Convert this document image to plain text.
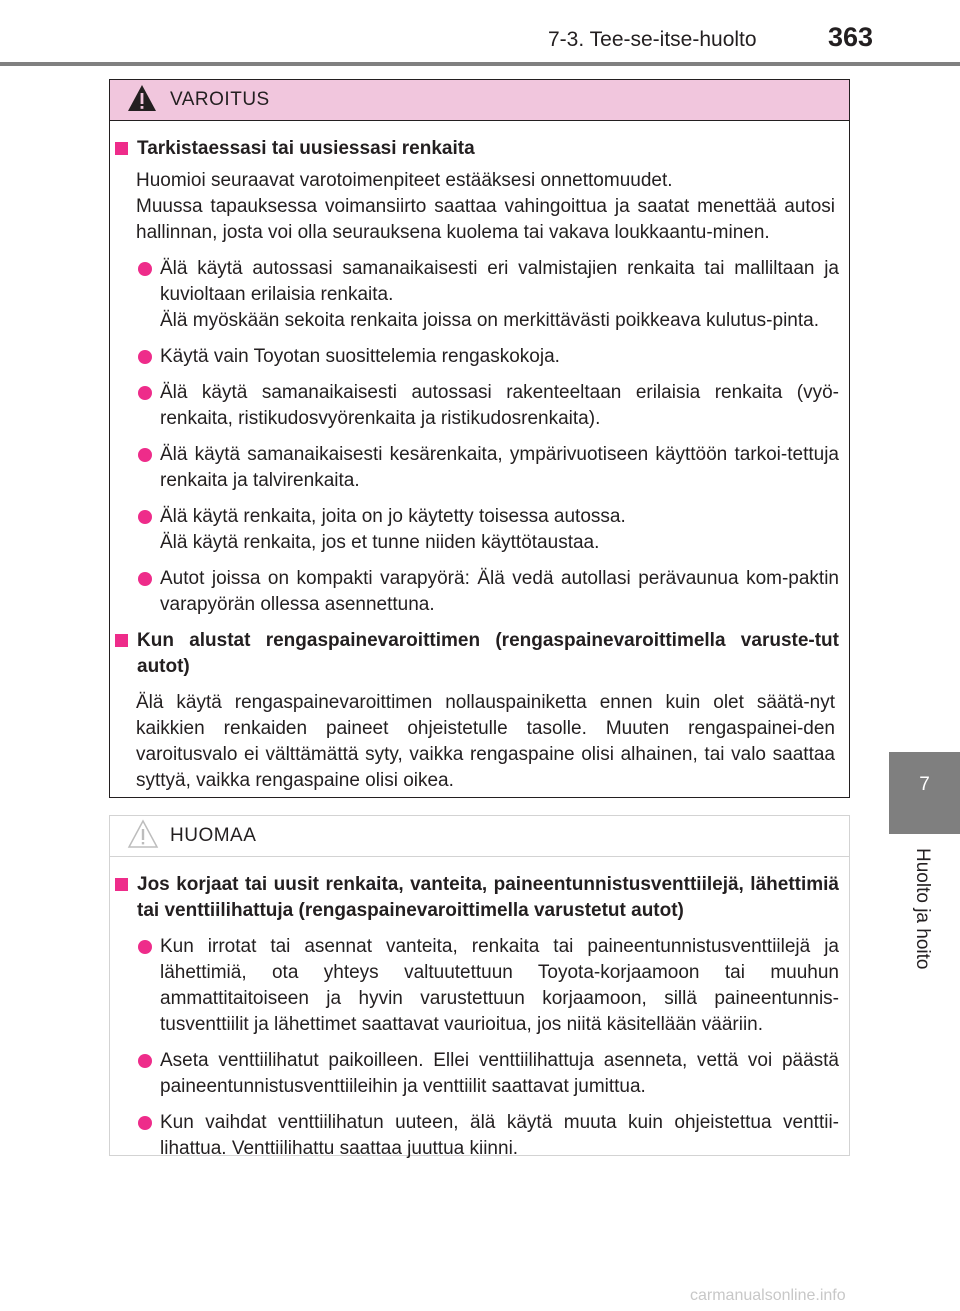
7-3. Tee-se-itse-huolto	363
7
Huolto ja hoito
VAROITUS
Tarkistaessasi tai uusiessasi renkaita

Huomioi seuraavat varotoimenpiteet estääksesi onnettomuudet.

Muussa tapauksessa voimansiirto saattaa vahingoittua ja saatat menettää autosi hallinnan, josta voi olla seurauksena kuolema tai vakava loukkaantu-minen.

Älä käytä autossasi samanaikaisesti eri valmistajien renkaita tai malliltaan ja kuvioltaan erilaisia renkaita.

Älä myöskään sekoita renkaita joissa on merkittävästi poikkeava kulutus-pinta.

Käytä vain Toyotan suosittelemia rengaskokoja.

Älä käytä samanaikaisesti autossasi rakenteeltaan erilaisia renkaita (vyö-renkaita, ristikudosvyörenkaita ja ristikudosrenkaita).

Älä käytä samanaikaisesti kesärenkaita, ympärivuotiseen käyttöön tarkoi-tettuja renkaita ja talvirenkaita.

Älä käytä renkaita, joita on jo käytetty toisessa autossa.

Älä käytä renkaita, jos et tunne niiden käyttötaustaa.

Autot joissa on kompakti varapyörä: Älä vedä autollasi perävaunua kom-paktin varapyörän ollessa asennettuna.

Kun alustat rengaspainevaroittimen (rengaspainevaroittimella varuste-tut autot)

Älä käytä rengaspainevaroittimen nollauspainiketta ennen kuin olet säätä-nyt kaikkien renkaiden paineet ohjeistetulle tasolle. Muuten rengaspainei-den varoitusvalo ei välttämättä syty, vaikka rengaspaine olisi alhainen, tai valo saattaa syttyä, vaikka rengaspaine olisi oikea.

HUOMAA
Jos korjaat tai uusit renkaita, vanteita, paineentunnistusventtiilejä, lähettimiä tai venttiilihattuja (rengaspainevaroittimella varustetut autot)

Kun irrotat tai asennat vanteita, renkaita tai paineentunnistusventtiilejä ja lähettimiä, ota yhteys valtuutettuun Toyota-korjaamoon tai muuhun ammattitaitoiseen ja hyvin varustettuun korjaamoon, sillä paineentunnis-tusventtiilit ja lähettimet saattavat vaurioitua, jos niitä käsitellään vääriin.

Aseta venttiilihatut paikoilleen. Ellei venttiilihattuja asenneta, vettä voi päästä paineentunnistusventtiileihin ja venttiilit saattavat jumittua.

Kun vaihdat venttiilihatun uuteen, älä käytä muuta kuin ohjeistettua venttii-lihattua. Venttiilihattu saattaa juuttua kiinni.

carmanualsonline.info
